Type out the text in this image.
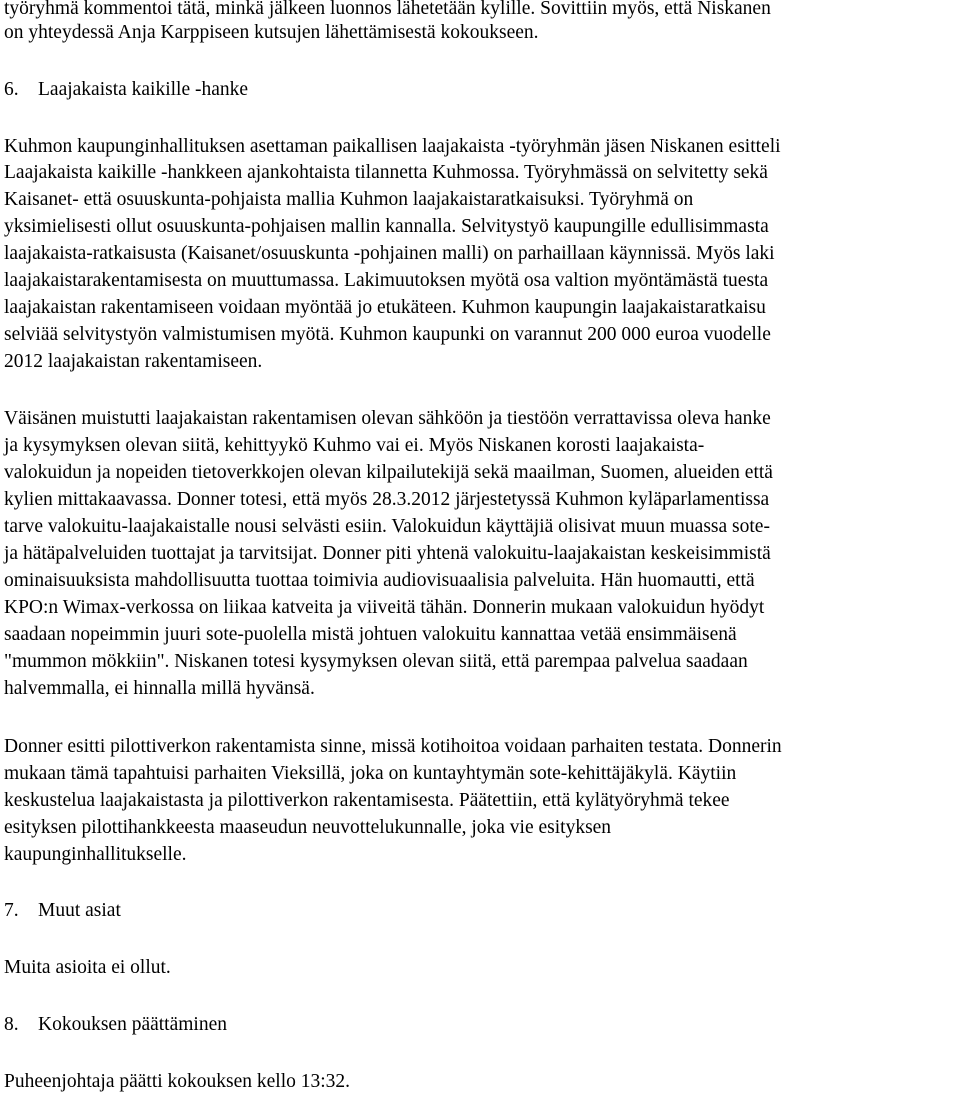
työryhmä kommentoi tätä, minkä jälkeen luonnos lähetetään kylille. Sovittiin myös, että Niskanen
on yhteydessä Anja Karppiseen kutsujen lähettämisestä kokoukseen.
6. Laajakaista kaikille -hanke
Kuhmon kaupunginhallituksen asettaman paikallisen laajakaista -työryhmän jäsen Niskanen esitteli
Laajakaista kaikille -hankkeen ajankohtaista tilannetta Kuhmossa. Työryhmässä on selvitetty sekä
Kaisanet- että osuuskunta-pohjaista mallia Kuhmon laajakaistaratkaisuksi. Työryhmä on
yksimielisesti ollut osuuskunta-pohjaisen mallin kannalla. Selvitystyö kaupungille edullisimmasta
laajakaista-ratkaisusta (Kaisanet/osuuskunta -pohjainen malli) on parhaillaan käynnissä. Myös laki
laajakaistarakentamisesta on muuttumassa. Lakimuutoksen myötä osa valtion myöntämästä tuesta
laajakaistan rakentamiseen voidaan myöntää jo etukäteen. Kuhmon kaupungin laajakaistaratkaisu
selviää selvitystyön valmistumisen myötä. Kuhmon kaupunki on varannut 200 000 euroa vuodelle
2012 laajakaistan rakentamiseen.
Väisänen muistutti laajakaistan rakentamisen olevan sähköön ja tiestöön verrattavissa oleva hanke
ja kysymyksen olevan siitä, kehittyykö Kuhmo vai ei. Myös Niskanen korosti laajakaista-
valokuidun ja nopeiden tietoverkkojen olevan kilpailutekijä sekä maailman, Suomen, alueiden että
kylien mittakaavassa. Donner totesi, että myös 28.3.2012 järjestetyssä Kuhmon kyläparlamentissa
tarve valokuitu-laajakaistalle nousi selvästi esiin. Valokuidun käyttäjiä olisivat muun muassa sote-
ja hätäpalveluiden tuottajat ja tarvitsijat. Donner piti yhtenä valokuitu-laajakaistan keskeisimmistä
ominaisuuksista mahdollisuutta tuottaa toimivia audiovisuaalisia palveluita. Hän huomautti, että
KPO:n Wimax-verkossa on liikaa katveita ja viiveitä tähän. Donnerin mukaan valokuidun hyödyt
saadaan nopeimmin juuri sote-puolella mistä johtuen valokuitu kannattaa vetää ensimmäisenä
"mummon mökkiin". Niskanen totesi kysymyksen olevan siitä, että parempaa palvelua saadaan
halvemmalla, ei hinnalla millä hyvänsä.
Donner esitti pilottiverkon rakentamista sinne, missä kotihoitoa voidaan parhaiten testata. Donnerin
mukaan tämä tapahtuisi parhaiten Vieksillä, joka on kuntayhtymän sote-kehittäjäkylä. Käytiin
keskustelua laajakaistasta ja pilottiverkon rakentamisesta. Päätettiin, että kylätyöryhmä tekee
esityksen pilottihankkeesta maaseudun neuvottelukunnalle, joka vie esityksen
kaupunginhallitukselle.
7. Muut asiat
Muita asioita ei ollut.
8. Kokouksen päättäminen
Puheenjohtaja päätti kokouksen kello 13:32.
